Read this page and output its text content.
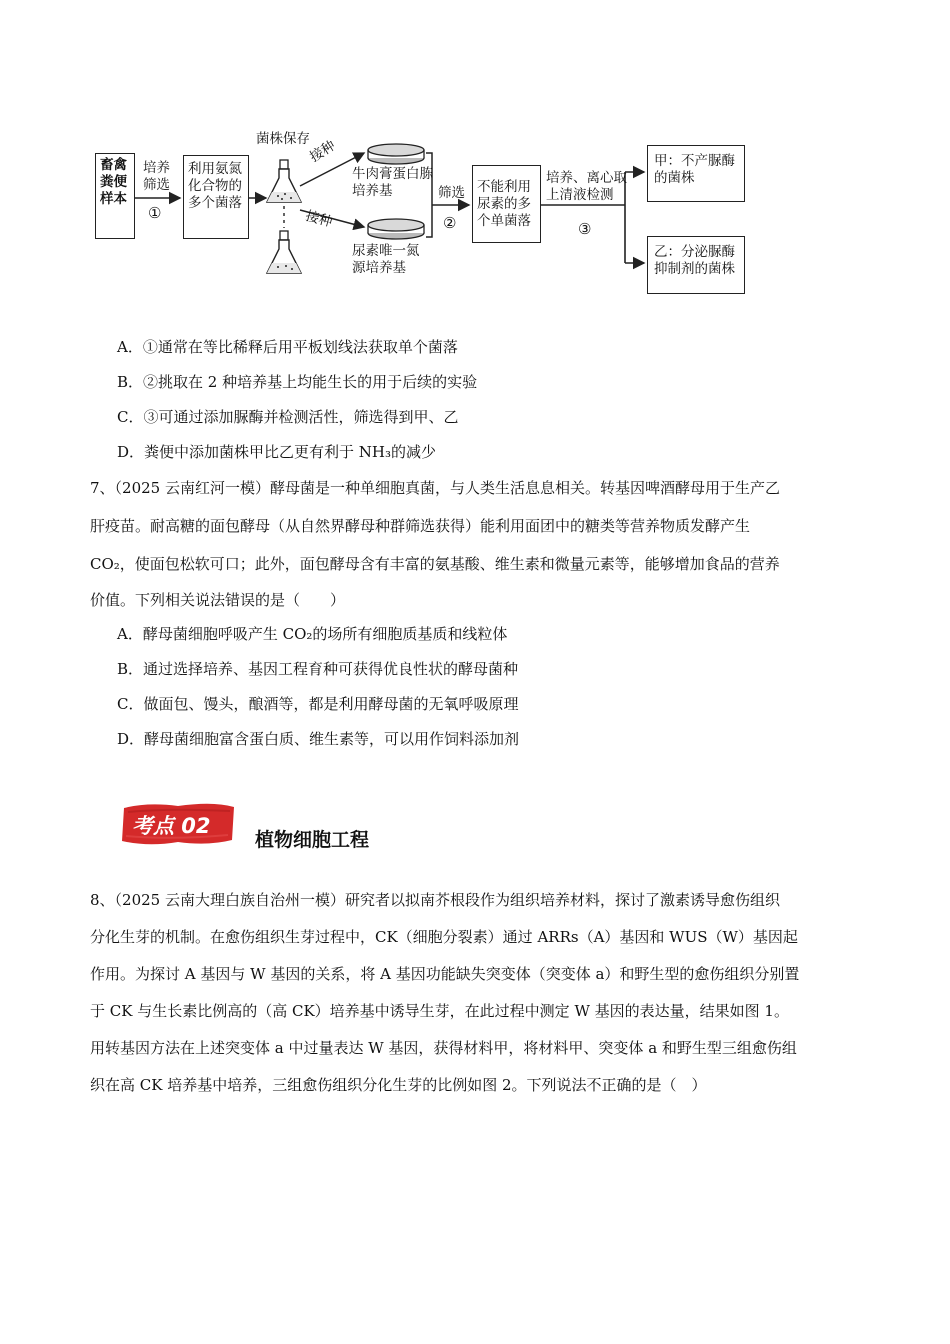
畜禽粪便样本
培养筛选
①
利用氨氮化合物的多个菌落
菌株保存
接种
接种
牛肉膏蛋白胨培养基
尿素唯一氮源培养基
筛选
②
不能利用尿素的多个单菌落
培养、离心取上清液检测
③
甲：不产脲酶的菌株
乙：分泌脲酶抑制剂的菌株
A．①通常在等比稀释后用平板划线法获取单个菌落
B．②挑取在 2 种培养基上均能生长的用于后续的实验
C．③可通过添加脲酶并检测活性，筛选得到甲、乙
D．粪便中添加菌株甲比乙更有利于 NH₃的减少
7、（2025 云南红河一模）酵母菌是一种单细胞真菌，与人类生活息息相关。转基因啤酒酵母用于生产乙
肝疫苗。耐高糖的面包酵母（从自然界酵母种群筛选获得）能利用面团中的糖类等营养物质发酵产生
CO₂，使面包松软可口；此外，面包酵母含有丰富的氨基酸、维生素和微量元素等，能够增加食品的营养
价值。下列相关说法错误的是（　　）
A．酵母菌细胞呼吸产生 CO₂的场所有细胞质基质和线粒体
B．通过选择培养、基因工程育种可获得优良性状的酵母菌种
C．做面包、馒头，酿酒等，都是利用酵母菌的无氧呼吸原理
D．酵母菌细胞富含蛋白质、维生素等，可以用作饲料添加剂
考点 02
植物细胞工程
8、（2025 云南大理白族自治州一模）研究者以拟南芥根段作为组织培养材料，探讨了激素诱导愈伤组织
分化生芽的机制。在愈伤组织生芽过程中，CK（细胞分裂素）通过 ARRs（A）基因和 WUS（W）基因起
作用。为探讨 A 基因与 W 基因的关系，将 A 基因功能缺失突变体（突变体 a）和野生型的愈伤组织分别置
于 CK 与生长素比例高的（高 CK）培养基中诱导生芽，在此过程中测定 W 基因的表达量，结果如图 1。
用转基因方法在上述突变体 a 中过量表达 W 基因，获得材料甲，将材料甲、突变体 a 和野生型三组愈伤组
织在高 CK 培养基中培养，三组愈伤组织分化生芽的比例如图 2。下列说法不正确的是（　）
